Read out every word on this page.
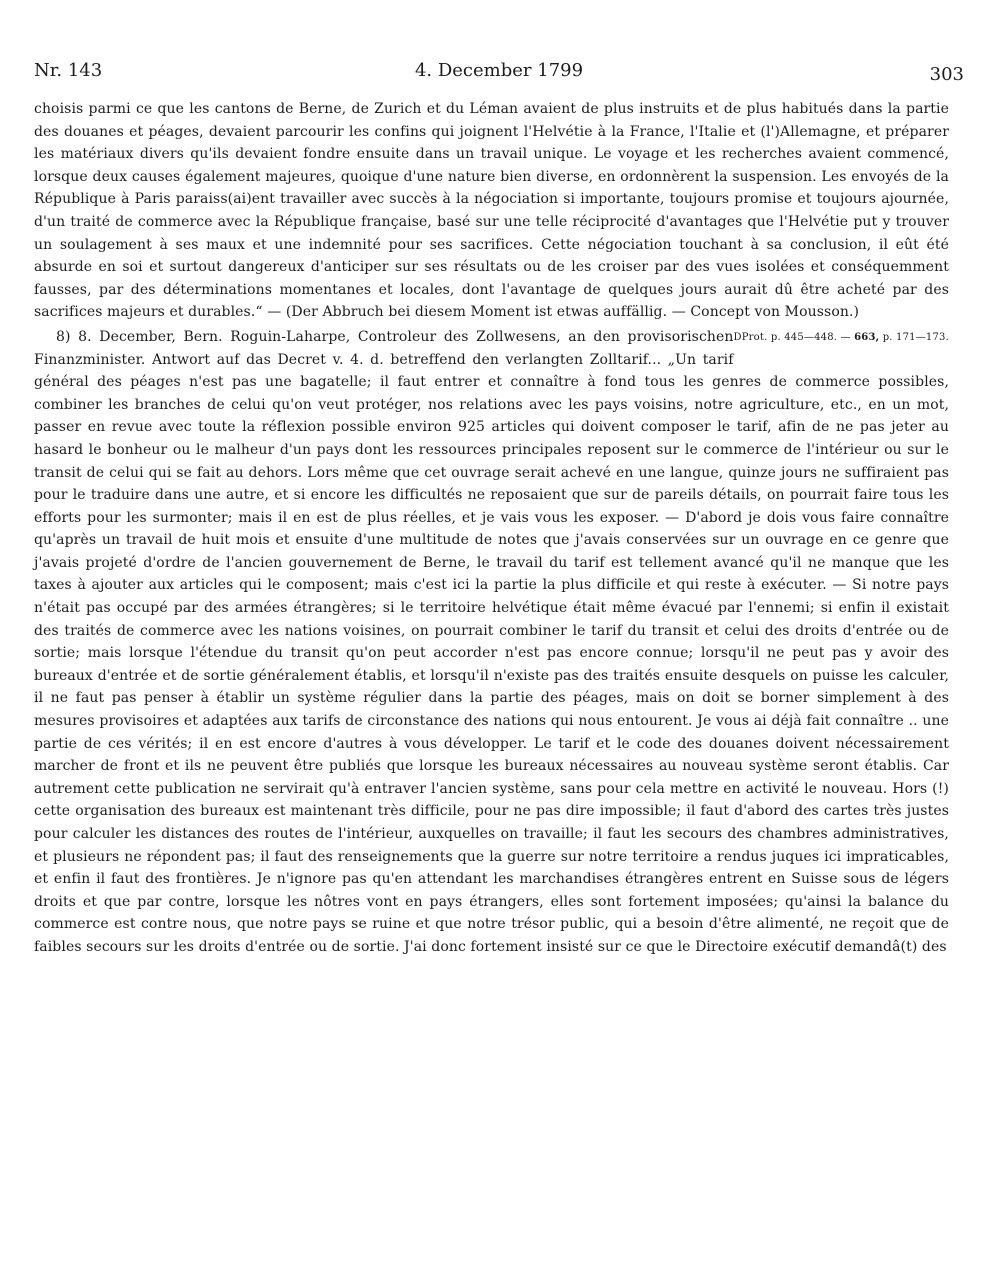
Nr. 143	4. December 1799	303

choisis parmi ce que les cantons de Berne, de Zurich et du Léman avaient de plus instruits et de plus habitués dans la partie des douanes et péages, devaient parcourir les confins qui joignent l'Helvétie à la France, l'Italie et (l')Allemagne, et préparer les matériaux divers qu'ils devaient fondre ensuite dans un travail unique. Le voyage et les recherches avaient commencé, lorsque deux causes également majeures, quoique d'une nature bien diverse, en ordonnèrent la suspension. Les envoyés de la République à Paris paraiss(ai)ent travailler avec succès à la négociation si importante, toujours promise et toujours ajournée, d'un traité de commerce avec la République française, basé sur une telle réciprocité d'avantages que l'Helvétie put y trouver un soulagement à ses maux et une indemnité pour ses sacrifices. Cette négociation touchant à sa conclusion, il eût été absurde en soi et surtout dangereux d'anticiper sur ses résultats ou de les croiser par des vues isolées et conséquemment fausses, par des déterminations momentanes et locales, dont l'avantage de quelques jours aurait dû être acheté par des sacrifices majeurs et durables.“ — (Der Abbruch bei diesem Moment ist etwas auffällig. — Concept von Mousson.)
DProt. p. 445—448. — 663, p. 171—173.

8) 8. December, Bern. Roguin-Laharpe, Controleur des Zollwesens, an den provisorischen Finanzminister. Antwort auf das Decret v. 4. d. betreffend den verlangten Zolltarif... „Un tarif général des péages n'est pas une bagatelle; il faut entrer et connaître à fond tous les genres de commerce possibles, combiner les branches de celui qu'on veut protéger, nos relations avec les pays voisins, notre agriculture, etc., en un mot, passer en revue avec toute la réflexion possible environ 925 articles qui doivent composer le tarif, afin de ne pas jeter au hasard le bonheur ou le malheur d'un pays dont les ressources principales reposent sur le commerce de l'intérieur ou sur le transit de celui qui se fait au dehors. Lors même que cet ouvrage serait achevé en une langue, quinze jours ne suffiraient pas pour le traduire dans une autre, et si encore les difficultés ne reposaient que sur de pareils détails, on pourrait faire tous les efforts pour les surmonter; mais il en est de plus réelles, et je vais vous les exposer. — D'abord je dois vous faire connaître qu'après un travail de huit mois et ensuite d'une multitude de notes que j'avais conservées sur un ouvrage en ce genre que j'avais projeté d'ordre de l'ancien gouvernement de Berne, le travail du tarif est tellement avancé qu'il ne manque que les taxes à ajouter aux articles qui le composent; mais c'est ici la partie la plus difficile et qui reste à exécuter. — Si notre pays n'était pas occupé par des armées étrangères; si le territoire helvétique était même évacué par l'ennemi; si enfin il existait des traités de commerce avec les nations voisines, on pourrait combiner le tarif du transit et celui des droits d'entrée ou de sortie; mais lorsque l'étendue du transit qu'on peut accorder n'est pas encore connue; lorsqu'il ne peut pas y avoir des bureaux d'entrée et de sortie généralement établis, et lorsqu'il n'existe pas des traités ensuite desquels on puisse les calculer, il ne faut pas penser à établir un système régulier dans la partie des péages, mais on doit se borner simplement à des mesures provisoires et adaptées aux tarifs de circonstance des nations qui nous entourent. Je vous ai déjà fait connaître .. une partie de ces vérités; il en est encore d'autres à vous développer. Le tarif et le code des douanes doivent nécessairement marcher de front et ils ne peuvent être publiés que lorsque les bureaux nécessaires au nouveau système seront établis. Car autrement cette publication ne servirait qu'à entraver l'ancien système, sans pour cela mettre en activité le nouveau. Hors (!) cette organisation des bureaux est maintenant très difficile, pour ne pas dire impossible; il faut d'abord des cartes très justes pour calculer les distances des routes de l'intérieur, auxquelles on travaille; il faut les secours des chambres administratives, et plusieurs ne répondent pas; il faut des renseignements que la guerre sur notre territoire a rendus juques ici impraticables, et enfin il faut des frontières. Je n'ignore pas qu'en attendant les marchandises étrangères entrent en Suisse sous de légers droits et que par contre, lorsque les nôtres vont en pays étrangers, elles sont fortement imposées; qu'ainsi la balance du commerce est contre nous, que notre pays se ruine et que notre trésor public, qui a besoin d'être alimenté, ne reçoit que de faibles secours sur les droits d'entrée ou de sortie. J'ai donc fortement insisté sur ce que le Directoire exécutif demandâ(t) des
